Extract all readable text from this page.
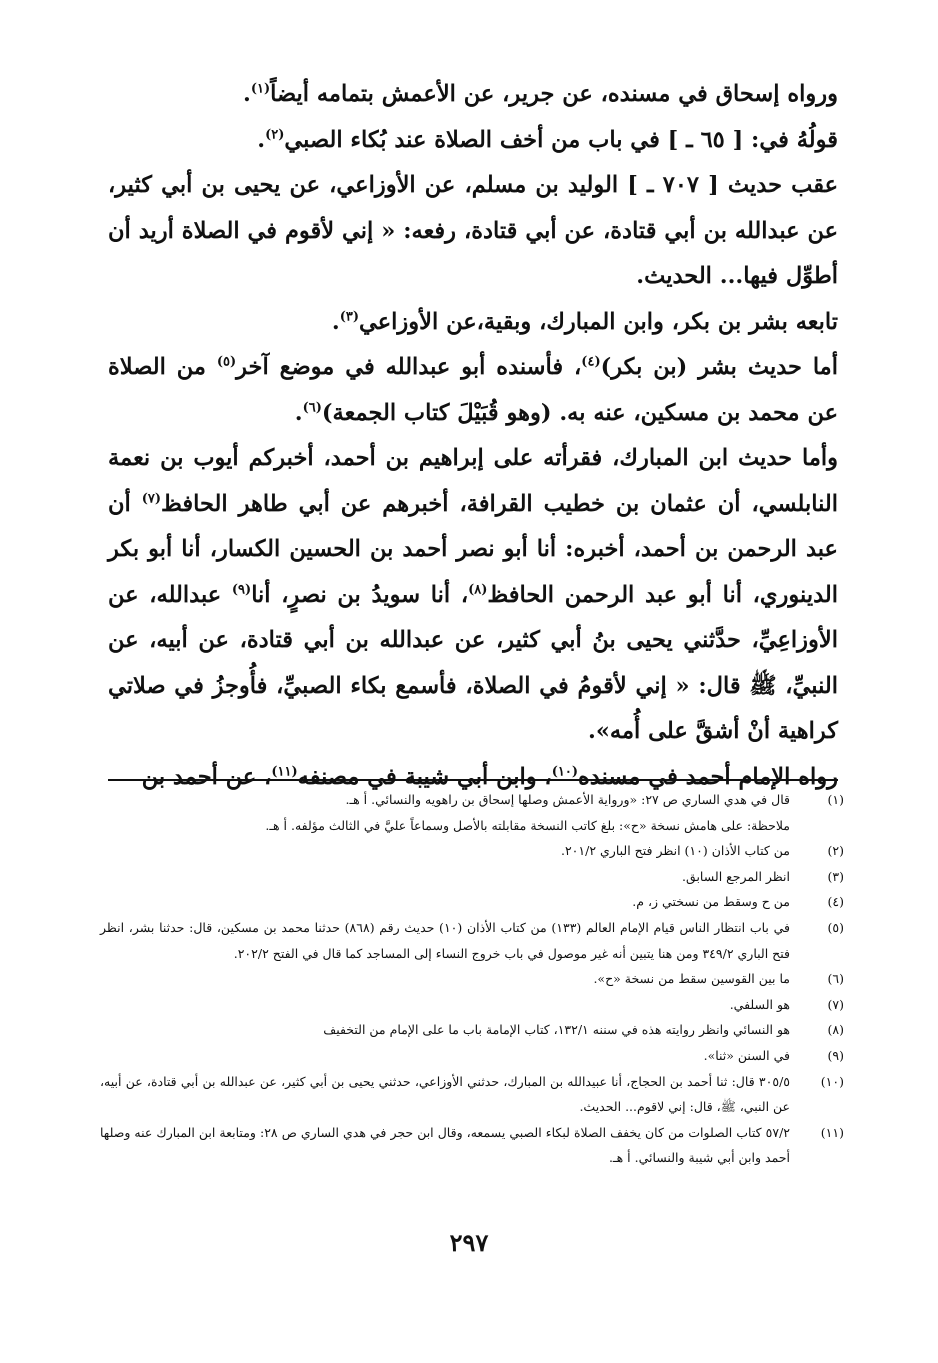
ورواه إسحاق في مسنده، عن جرير، عن الأعمش بتمامه أيضاً$^{(١)}$.

قولُهُ في: [ ٦٥ ـ ] في باب من أخف الصلاة عند بُكاء الصبي$^{(٢)}$.

عقب حديث [ ٧٠٧ ـ ] الوليد بن مسلم، عن الأوزاعي، عن يحيى بن أبي كثير، عن عبدالله بن أبي قتادة، عن أبي قتادة، رفعه: « إني لأقوم في الصلاة أريد أن أطوِّل فيها... الحديث.

تابعه بشر بن بكر، وابن المبارك، وبقية،عن الأوزاعي$^{(٣)}$.

أما حديث بشر (بن بكر)$^{(٤)}$، فأسنده أبو عبدالله في موضع آخر$^{(٥)}$ من الصلاة عن محمد بن مسكين، عنه به. (وهو قُبَيْلَ كتاب الجمعة)$^{(٦)}$.

وأما حديث ابن المبارك، فقرأته على إبراهيم بن أحمد، أخبركم أيوب بن نعمة النابلسي، أن عثمان بن خطيب القرافة، أخبرهم عن أبي طاهر الحافظ$^{(٧)}$ أن عبد الرحمن بن أحمد، أخبره: أنا أبو نصر أحمد بن الحسين الكسار، أنا أبو بكر الدينوري، أنا أبو عبد الرحمن الحافظ$^{(٨)}$، أنا سويدُ بن نصرٍ، أنا$^{(٩)}$ عبدالله، عن الأوزاعِيِّ، حدَّثني يحيى بنُ أبي كثير، عن عبدالله بن أبي قتادة، عن أبيه، عن النبيِّ، ﷺ قال: « إني لأقومُ في الصلاة، فأسمع بكاء الصبيِّ، فأُوجزُ في صلاتي كراهية أنْ أشقَّ على أُمه».

رواه الإمام أحمد في مسنده$^{(١٠)}$، وابن أبي شيبة في مصنفه$^{(١١)}$، عن أحمد بن

(١)
قال في هدي الساري ص ٢٧: «ورواية الأعمش وصلها إسحاق بن راهويه والنسائي. أ هـ.
ملاحظة: على هامش نسخة «ح»: بلغ كاتب النسخة مقابلته بالأصل وسماعاً عليَّ في الثالث مؤلفه. أ هـ.
(٢)
من كتاب الأذان (١٠) انظر فتح الباري ٢٠١/٢.
(٣)
انظر المرجع السابق.
(٤)
من ح وسقط من نسختي ز، م.
(٥)
في باب انتظار الناس قيام الإمام العالم (١٣٣) من كتاب الأذان (١٠) حديث رقم (٨٦٨) حدثنا محمد بن مسكين، قال: حدثنا بشر، انظر فتح الباري ٣٤٩/٢ ومن هنا يتبين أنه غير موصول في باب خروج النساء إلى المساجد كما قال في الفتح ٢٠٢/٢.
(٦)
ما بين القوسين سقط من نسخة «ح».
(٧)
هو السلفي.
(٨)
هو النسائي وانظر روايته هذه في سننه ١٣٢/١، كتاب الإمامة باب ما على الإمام من التخفيف
(٩)
في السنن «ثنا».
(١٠)
٣٠٥/٥ قال: ثنا أحمد بن الحجاج، أنا عبيدالله بن المبارك، حدثني الأوزاعي، حدثني يحيى بن أبي كثير، عن عبدالله بن أبي قتادة، عن أبيه، عن النبي، ﷺ، قال: إني لاقوم... الحديث.
(١١)
٥٧/٢ كتاب الصلوات من كان يخفف الصلاة لبكاء الصبي يسمعه، وقال ابن حجر في هدي الساري ص ٢٨: ومتابعة ابن المبارك عنه وصلها أحمد وابن أبي شيبة والنسائي. أ هـ.
٢٩٧
